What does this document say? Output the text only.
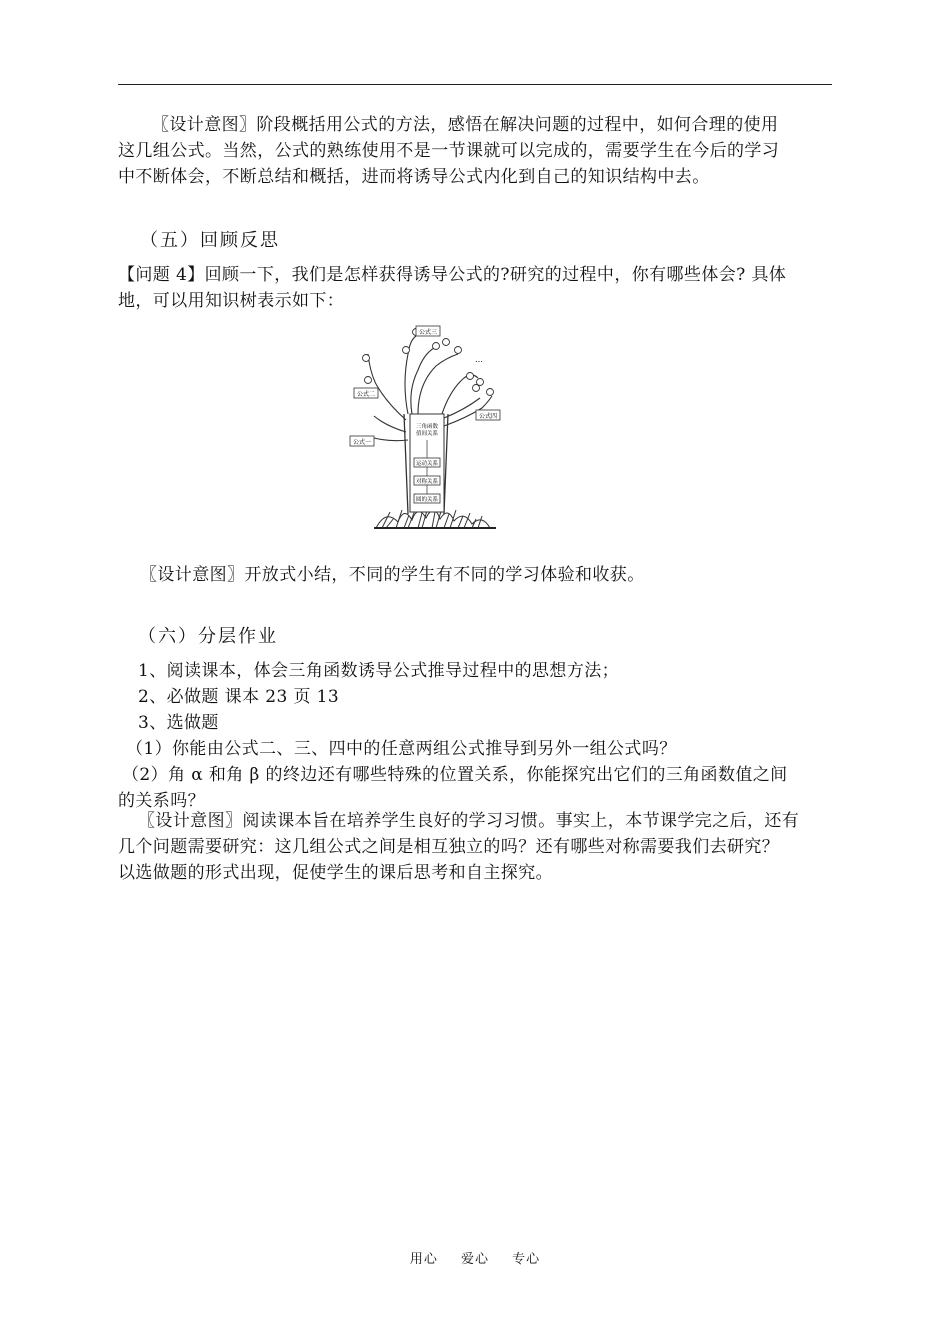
〖设计意图〗阶段概括用公式的方法，感悟在解决问题的过程中，如何合理的使用
这几组公式。当然，公式的熟练使用不是一节课就可以完成的，需要学生在今后的学习
中不断体会，不断总结和概括，进而将诱导公式内化到自己的知识结构中去。
（五）回顾反思
【问题 4】回顾一下，我们是怎样获得诱导公式的?研究的过程中，你有哪些体会? 具体
地，可以用知识树表示如下：
三角函数
值间关系
运动关系
对称关系
圆的关系
公式三
公式二
公式一
公式四
…
〖设计意图〗开放式小结，不同的学生有不同的学习体验和收获。
（六）分层作业
1、阅读课本，体会三角函数诱导公式推导过程中的思想方法；
2、必做题 课本 23 页 13
3、选做题
（1）你能由公式二、三、四中的任意两组公式推导到另外一组公式吗？
（2）角 α 和角 β 的终边还有哪些特殊的位置关系，你能探究出它们的三角函数值之间
的关系吗？
〖设计意图〗阅读课本旨在培养学生良好的学习习惯。事实上，本节课学完之后，还有
几个问题需要研究：这几组公式之间是相互独立的吗？还有哪些对称需要我们去研究？
以选做题的形式出现，促使学生的课后思考和自主探究。
用心 爱心 专心
